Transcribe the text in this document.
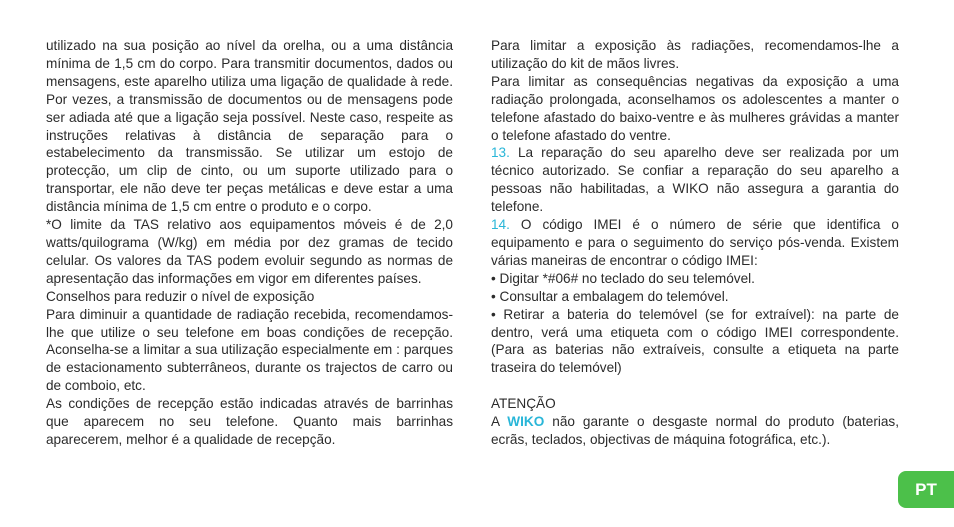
utilizado na sua posição ao nível da orelha, ou a uma distância mínima de 1,5 cm do corpo. Para transmitir documentos, dados ou mensagens, este aparelho utiliza uma ligação de qualidade à rede. Por vezes, a transmissão de documentos ou de mensagens pode ser adiada até que a ligação seja possível. Neste caso, respeite as instruções relativas à distância de separação para o estabelecimento da transmissão. Se utilizar um estojo de protecção, um clip de cinto, ou um suporte utilizado para o transportar, ele não deve ter peças metálicas e deve estar a uma distância mínima de 1,5 cm entre o produto e o corpo.

*O limite da TAS relativo aos equipamentos móveis é de 2,0 watts/quilograma (W/kg) em média por dez gramas de tecido celular. Os valores da TAS podem evoluir segundo as normas de apresentação das informações em vigor em diferentes países.

Conselhos para reduzir o nível de exposição

Para diminuir a quantidade de radiação recebida, recomendamos-lhe que utilize o seu telefone em boas condições de recepção. Aconselha-se a limitar a sua utilização especialmente em : parques de estacionamento subterrâneos, durante os trajectos de carro ou de comboio, etc.

As condições de recepção estão indicadas através de barrinhas que aparecem no seu telefone. Quanto mais barrinhas aparecerem, melhor é a qualidade de recepção.

Para limitar a exposição às radiações, recomendamos-lhe a utilização do kit de mãos livres.

Para limitar as consequências negativas da exposição a uma radiação prolongada, aconselhamos os adolescentes a manter o telefone afastado do baixo-ventre e às mulheres grávidas a manter o telefone afastado do ventre.

13. La reparação do seu aparelho deve ser realizada por um técnico autorizado. Se confiar a reparação do seu aparelho a pessoas não habilitadas, a WIKO não assegura a garantia do telefone.

14. O código IMEI é o número de série que identifica o equipamento e para o seguimento do serviço pós-venda. Existem várias maneiras de encontrar o código IMEI:

• Digitar *#06# no teclado do seu telemóvel.

• Consultar a embalagem do telemóvel.

• Retirar a bateria do telemóvel (se for extraível): na parte de dentro, verá uma etiqueta com o código IMEI correspondente. (Para as baterias não extraíveis, consulte a etiqueta na parte traseira do telemóvel)

ATENÇÃO

A WIKO não garante o desgaste normal do produto (baterias, ecrãs, teclados, objectivas de máquina fotográfica, etc.).

PT
